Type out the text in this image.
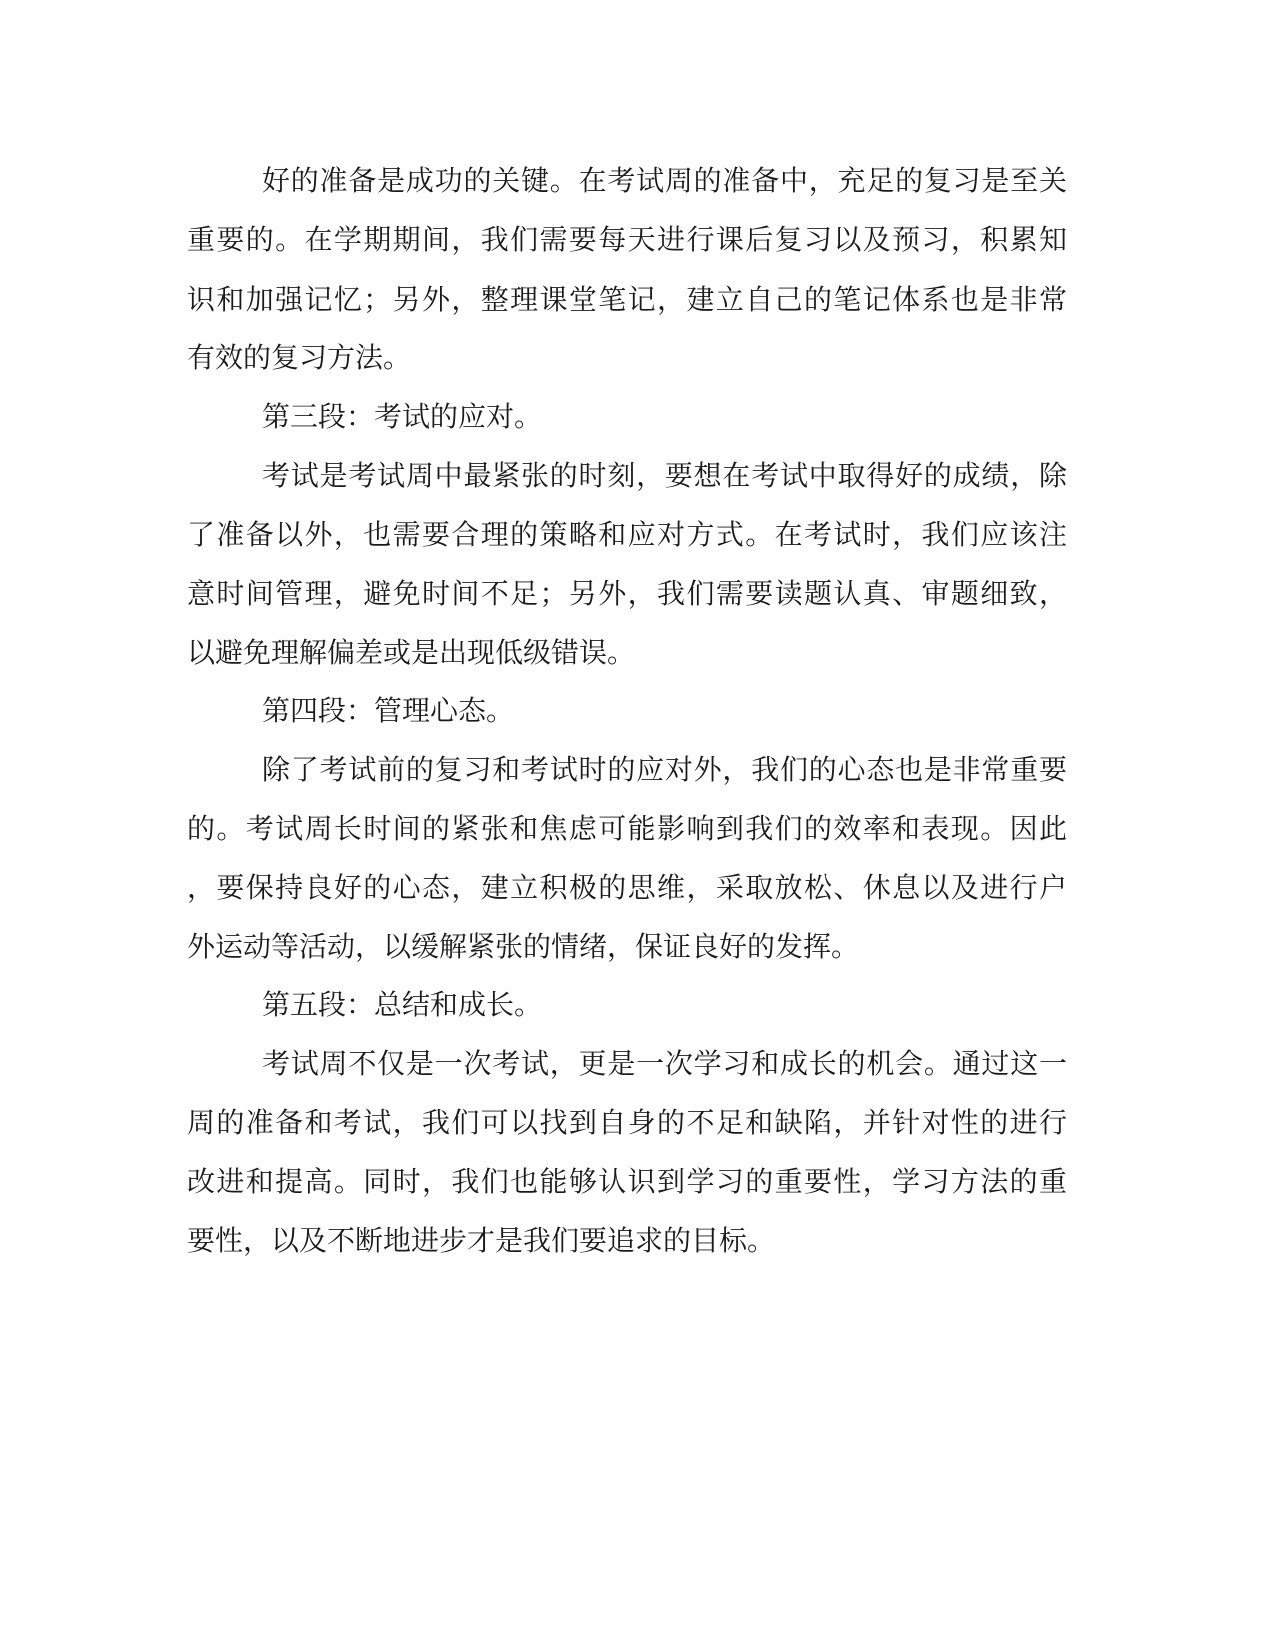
好的准备是成功的关键。在考试周的准备中，充足的复习是至关
重要的。在学期期间，我们需要每天进行课后复习以及预习，积累知
识和加强记忆；另外，整理课堂笔记，建立自己的笔记体系也是非常
有效的复习方法。
第三段：考试的应对。
考试是考试周中最紧张的时刻，要想在考试中取得好的成绩，除
了准备以外，也需要合理的策略和应对方式。在考试时，我们应该注
意时间管理，避免时间不足；另外，我们需要读题认真、审题细致，
以避免理解偏差或是出现低级错误。
第四段：管理心态。
除了考试前的复习和考试时的应对外，我们的心态也是非常重要
的。考试周长时间的紧张和焦虑可能影响到我们的效率和表现。因此
，要保持良好的心态，建立积极的思维，采取放松、休息以及进行户
外运动等活动，以缓解紧张的情绪，保证良好的发挥。
第五段：总结和成长。
考试周不仅是一次考试，更是一次学习和成长的机会。通过这一
周的准备和考试，我们可以找到自身的不足和缺陷，并针对性的进行
改进和提高。同时，我们也能够认识到学习的重要性，学习方法的重
要性，以及不断地进步才是我们要追求的目标。
